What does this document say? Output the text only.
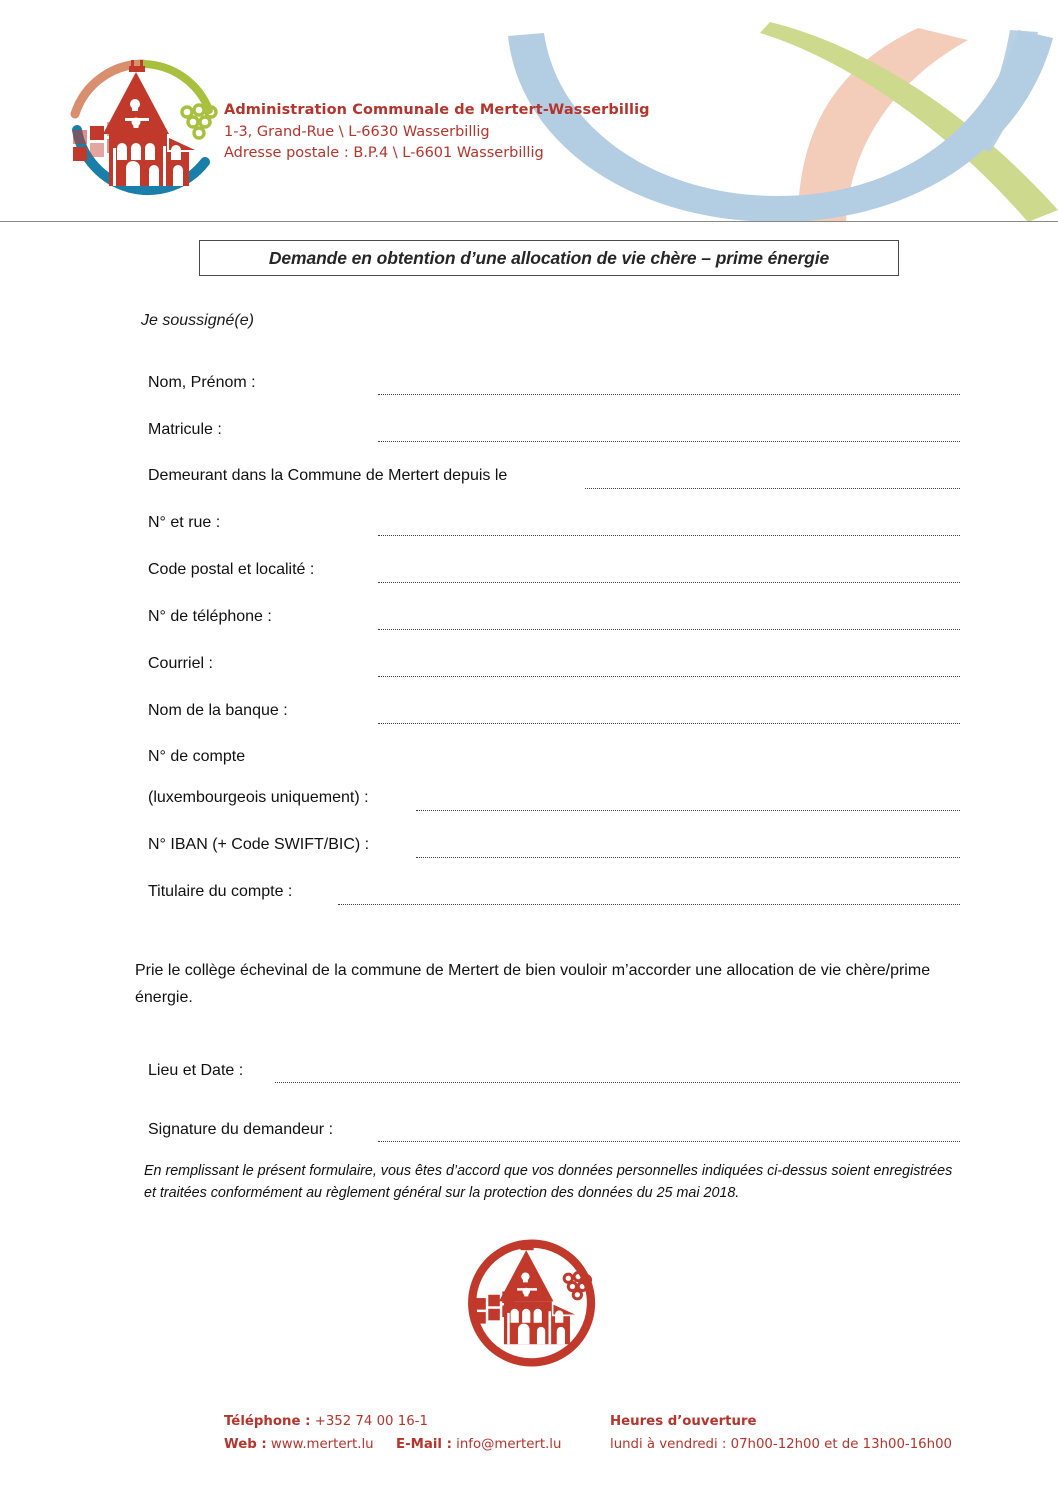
Administration Communale de Mertert-Wasserbillig
1-3, Grand-Rue \ L-6630 Wasserbillig
Adresse postale : B.P.4 \ L-6601 Wasserbillig
Demande en obtention d’une allocation de vie chère – prime énergie
Je soussigné(e)
Nom, Prénom :
Matricule :
Demeurant dans la Commune de Mertert depuis le
N° et rue :
Code postal et localité :
N° de téléphone :
Courriel :
Nom de la banque :
N° de compte
(luxembourgeois uniquement) :
N° IBAN (+ Code SWIFT/BIC) :
Titulaire du compte :
Prie le collège échevinal de la commune de Mertert de bien vouloir m’accorder une allocation de vie chère/prime énergie.
Lieu et Date :
Signature du demandeur :
En remplissant le présent formulaire, vous êtes d’accord que vos données personnelles indiquées ci-dessus soient enregistrées et traitées conformément au règlement général sur la protection des données du 25 mai 2018.
Téléphone : +352 74 00 16-1
Web : www.mertert.lu E-Mail : info@mertert.lu
Heures d’ouverture
lundi à vendredi : 07h00-12h00 et de 13h00-16h00
